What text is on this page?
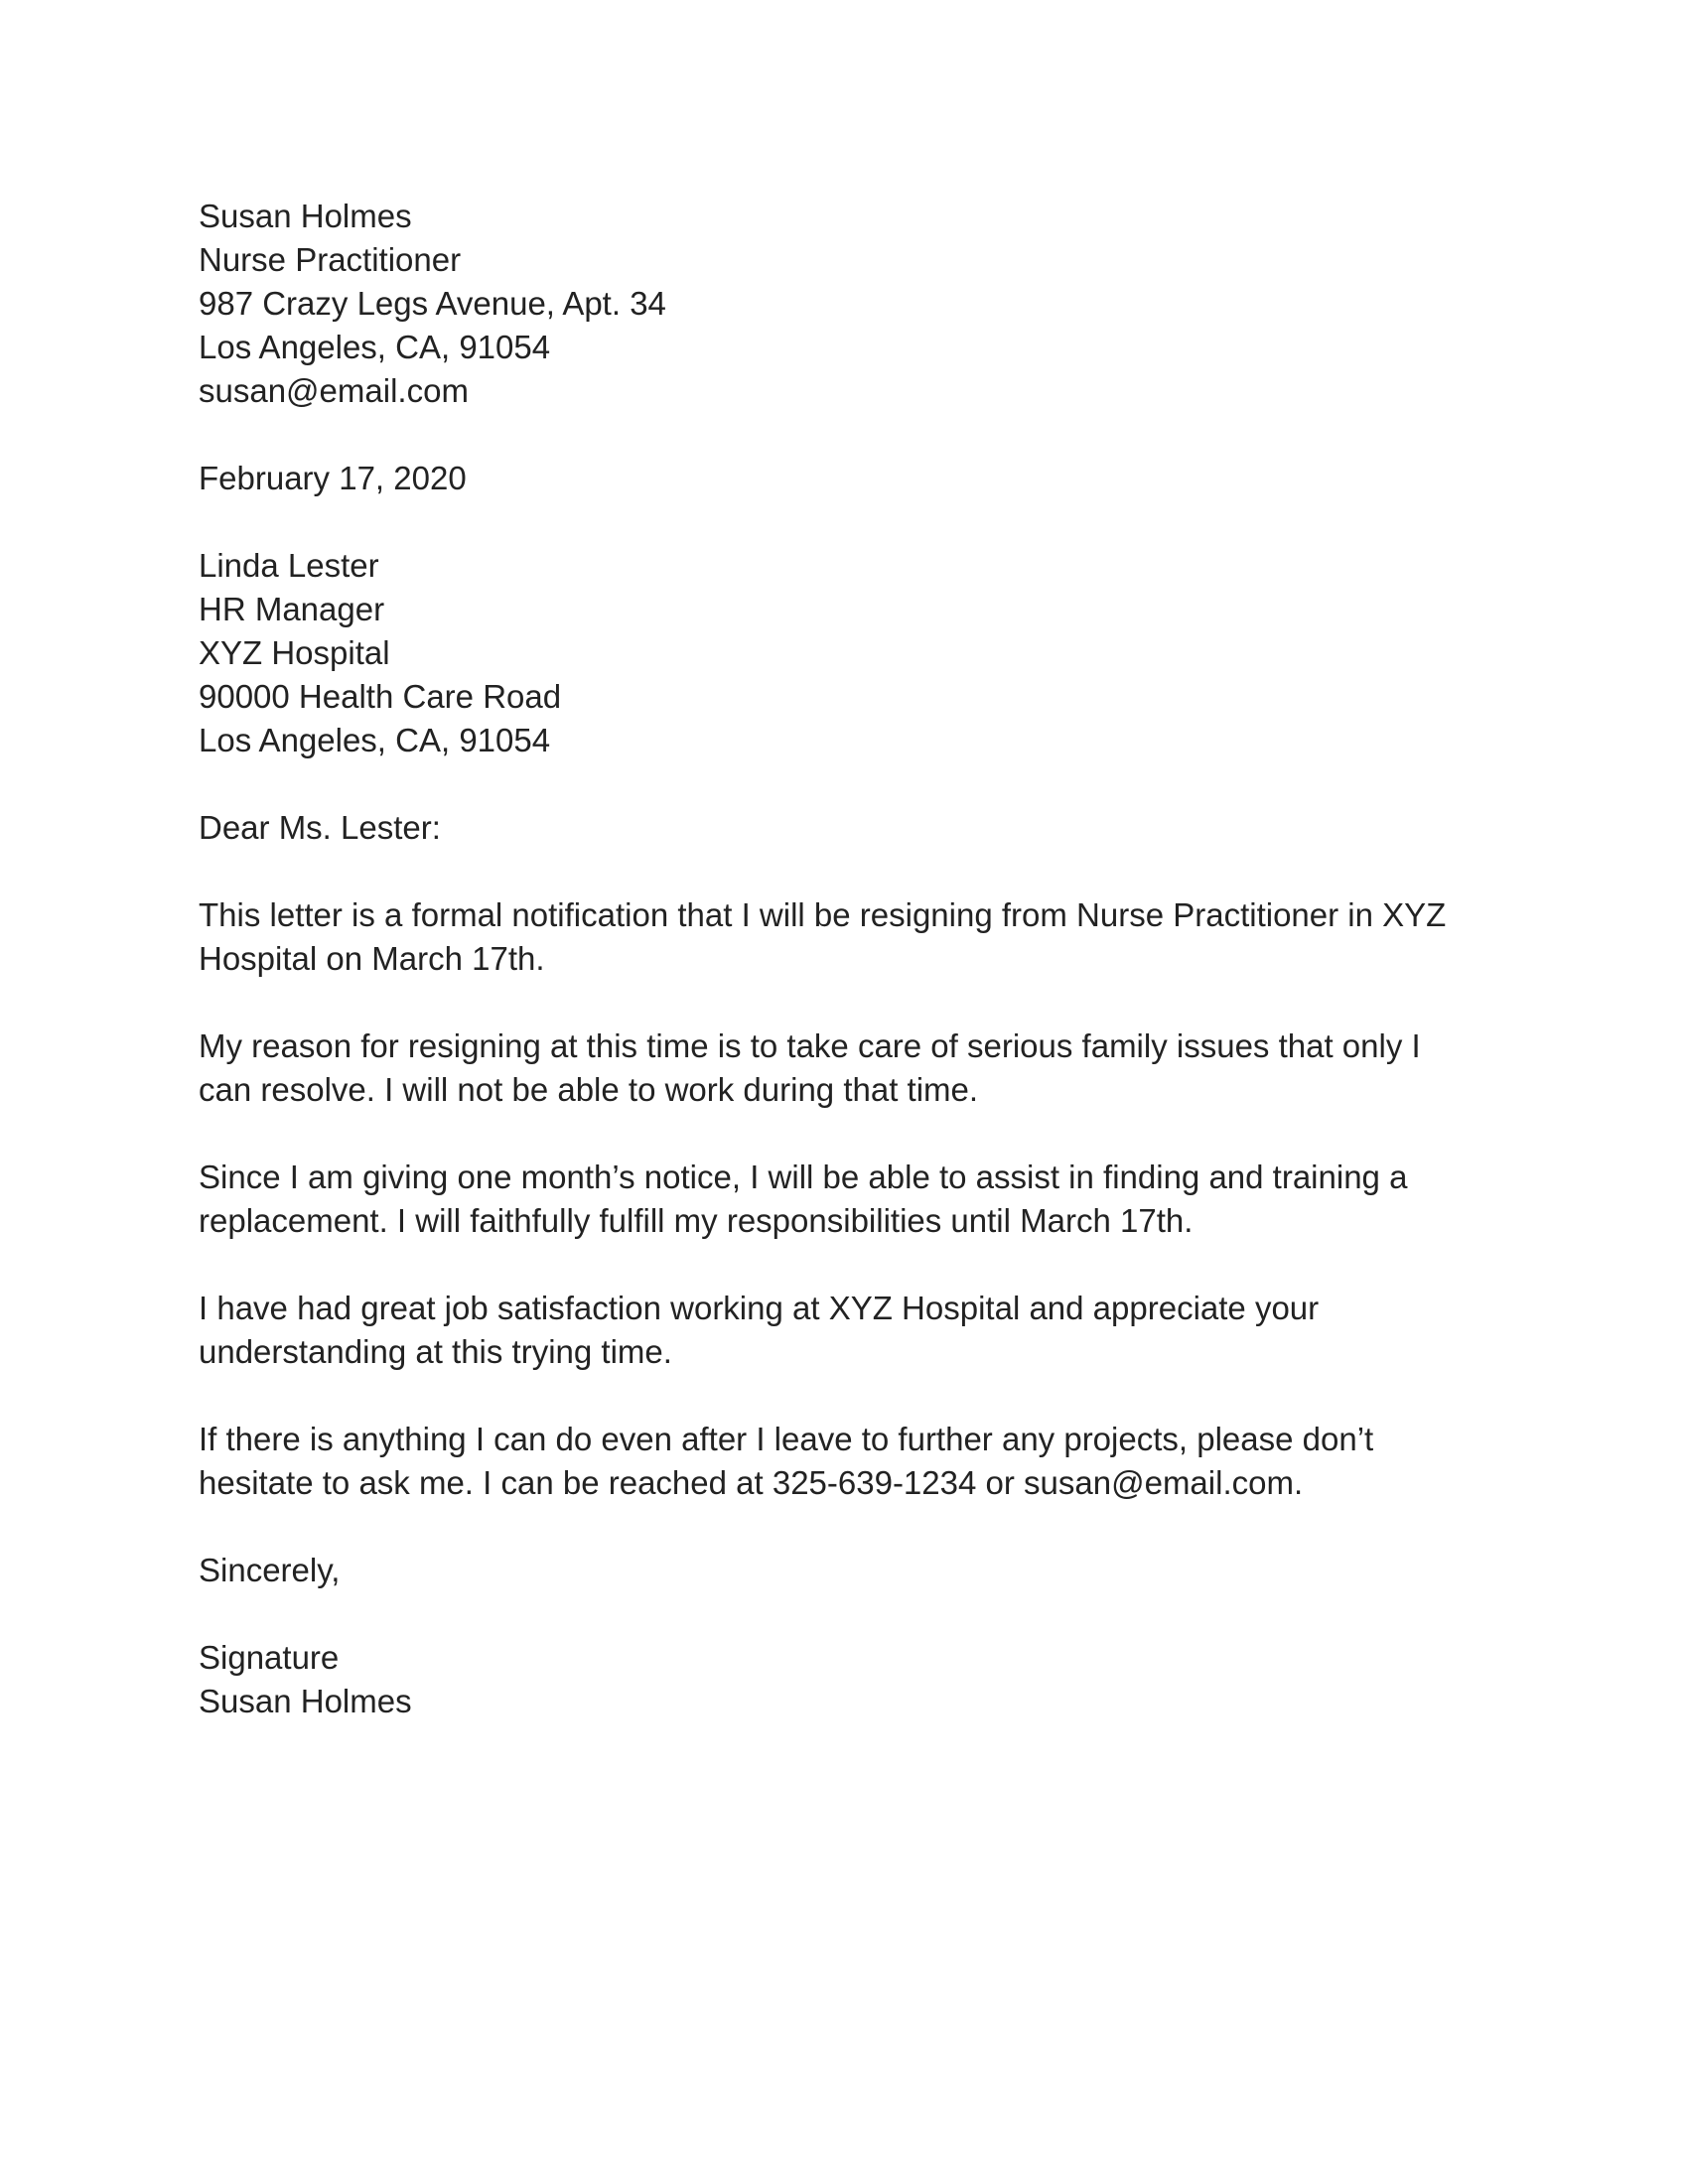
Susan Holmes
Nurse Practitioner
987 Crazy Legs Avenue, Apt. 34
Los Angeles, CA, 91054
susan@email.com
February 17, 2020
Linda Lester
HR Manager
XYZ Hospital
90000 Health Care Road
Los Angeles, CA, 91054
Dear Ms. Lester:
This letter is a formal notification that I will be resigning from Nurse Practitioner in XYZ
Hospital on March 17th.
My reason for resigning at this time is to take care of serious family issues that only I
can resolve. I will not be able to work during that time.
Since I am giving one month’s notice, I will be able to assist in finding and training a
replacement. I will faithfully fulfill my responsibilities until March 17th.
I have had great job satisfaction working at XYZ Hospital and appreciate your
understanding at this trying time.
If there is anything I can do even after I leave to further any projects, please don’t
hesitate to ask me. I can be reached at 325-639-1234 or susan@email.com.
Sincerely,
Signature
Susan Holmes
